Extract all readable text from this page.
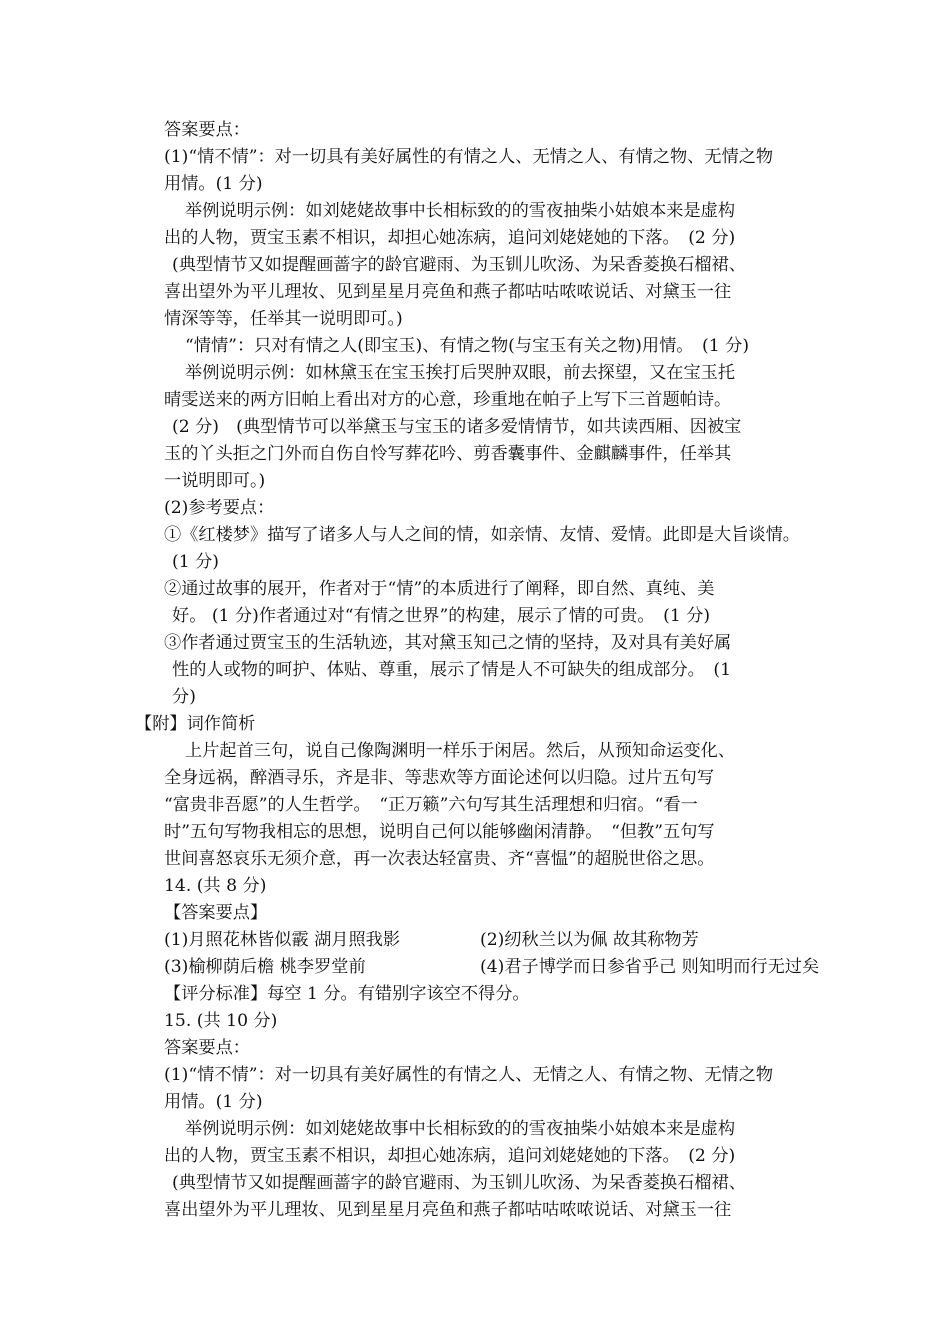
答案要点：
(1)“情不情”：对一切具有美好属性的有情之人、无情之人、有情之物、无情之物
用情。(1 分)
举例说明示例：如刘姥姥故事中长相标致的的雪夜抽柴小姑娘本来是虚构
出的人物，贾宝玉素不相识，却担心她冻病，追问刘姥姥她的下落。　(2 分)
(典型情节又如提醒画蔷字的龄官避雨、为玉钏儿吹汤、为呆香菱换石榴裙、
喜出望外为平儿理妆、见到星星月亮鱼和燕子都咕咕哝哝说话、对黛玉一往
情深等等，任举其一说明即可。)
“情情”：只对有情之人(即宝玉)、有情之物(与宝玉有关之物)用情。　(1 分)
举例说明示例：如林黛玉在宝玉挨打后哭肿双眼，前去探望，又在宝玉托
晴雯送来的两方旧帕上看出对方的心意，珍重地在帕子上写下三首题帕诗。
(2 分)　(典型情节可以举黛玉与宝玉的诸多爱情情节，如共读西厢、因被宝
玉的丫头拒之门外而自伤自怜写葬花吟、剪香囊事件、金麒麟事件，任举其
一说明即可。)
(2)参考要点：
①《红楼梦》描写了诸多人与人之间的情，如亲情、友情、爱情。此即是大旨谈情。
(1 分)
②通过故事的展开，作者对于“情”的本质进行了阐释，即自然、真纯、美
好。 (1 分)作者通过对“有情之世界”的构建，展示了情的可贵。　(1 分)
③作者通过贾宝玉的生活轨迹，其对黛玉知己之情的坚持，及对具有美好属
性的人或物的呵护、体贴、尊重，展示了情是人不可缺失的组成部分。　(1
分)
【附】词作简析
上片起首三句，说自己像陶渊明一样乐于闲居。然后，从预知命运变化、
全身远祸，醉酒寻乐，齐是非、等悲欢等方面论述何以归隐。过片五句写
“富贵非吾愿”的人生哲学。　“正万籁”六句写其生活理想和归宿。“看一
时”五句写物我相忘的思想，说明自己何以能够幽闲清静。　“但教”五句写
世间喜怒哀乐无须介意，再一次表达轻富贵、齐“喜愠”的超脱世俗之思。
14. (共 8 分)
【答案要点】
(1)月照花林皆似霰 湖月照我影	(2)纫秋兰以为佩 故其称物芳
(3)榆柳荫后檐 桃李罗堂前	(4)君子博学而日参省乎己 则知明而行无过矣
【评分标准】每空 1 分。有错别字该空不得分。
15. (共 10 分)
答案要点：
(1)“情不情”：对一切具有美好属性的有情之人、无情之人、有情之物、无情之物
用情。(1 分)
举例说明示例：如刘姥姥故事中长相标致的的雪夜抽柴小姑娘本来是虚构
出的人物，贾宝玉素不相识，却担心她冻病，追问刘姥姥她的下落。　(2 分)
(典型情节又如提醒画蔷字的龄官避雨、为玉钏儿吹汤、为呆香菱换石榴裙、
喜出望外为平儿理妆、见到星星月亮鱼和燕子都咕咕哝哝说话、对黛玉一往
